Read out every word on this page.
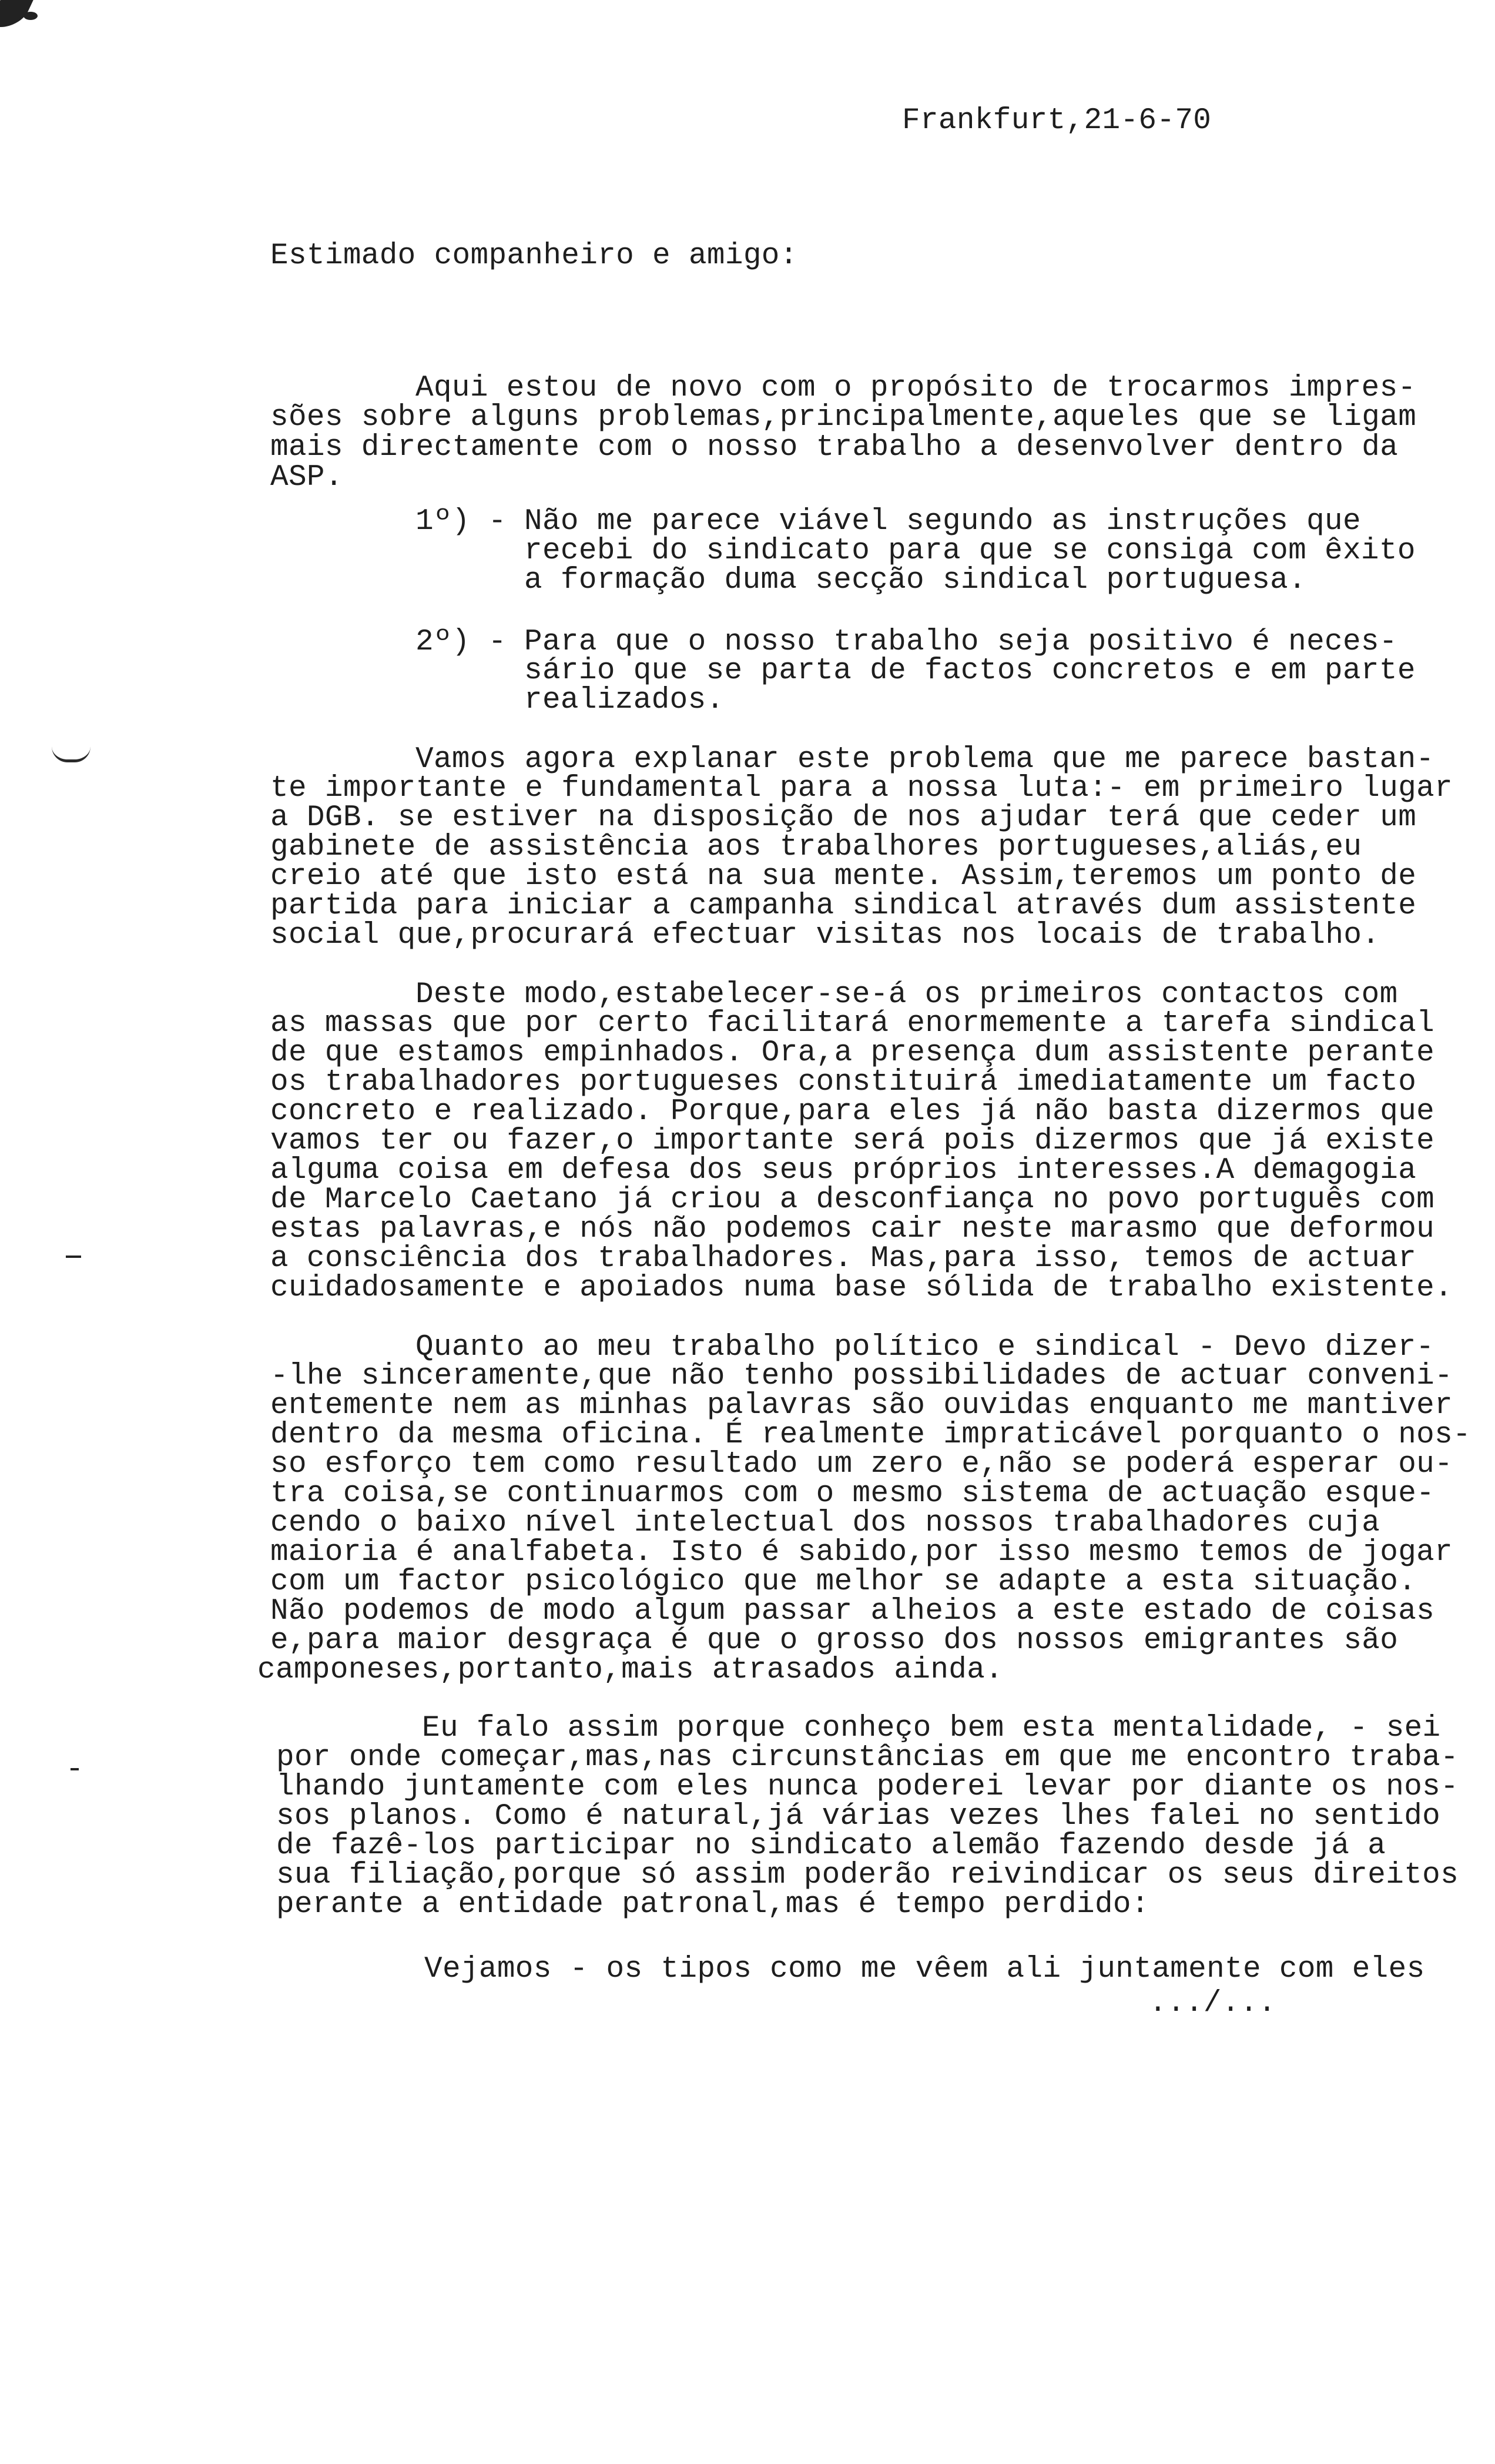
Frankfurt,21-6-70
Estimado companheiro e amigo:
Aqui estou de novo com o propósito de trocarmos impres-
sões sobre alguns problemas,principalmente,aqueles que se ligam
mais directamente com o nosso trabalho a desenvolver dentro da
ASP.
1º) - Não me parece viável segundo as instruções que
recebi do sindicato para que se consiga com êxito
a formação duma secção sindical portuguesa.
2º) - Para que o nosso trabalho seja positivo é neces-
sário que se parta de factos concretos e em parte
realizados.
Vamos agora explanar este problema que me parece bastan-
te importante e fundamental para a nossa luta:- em primeiro lugar
a DGB. se estiver na disposição de nos ajudar terá que ceder um
gabinete de assistência aos trabalhores portugueses,aliás,eu
creio até que isto está na sua mente. Assim,teremos um ponto de
partida para iniciar a campanha sindical através dum assistente
social que,procurará efectuar visitas nos locais de trabalho.
Deste modo,estabelecer-se-á os primeiros contactos com
as massas que por certo facilitará enormemente a tarefa sindical
de que estamos empinhados. Ora,a presença dum assistente perante
os trabalhadores portugueses constituirá imediatamente um facto
concreto e realizado. Porque,para eles já não basta dizermos que
vamos ter ou fazer,o importante será pois dizermos que já existe
alguma coisa em defesa dos seus próprios interesses.A demagogia
de Marcelo Caetano já criou a desconfiança no povo português com
estas palavras,e nós não podemos cair neste marasmo que deformou
a consciência dos trabalhadores. Mas,para isso, temos de actuar
cuidadosamente e apoiados numa base sólida de trabalho existente.
Quanto ao meu trabalho político e sindical - Devo dizer-
-lhe sinceramente,que não tenho possibilidades de actuar conveni-
entemente nem as minhas palavras são ouvidas enquanto me mantiver
dentro da mesma oficina. É realmente impraticável porquanto o nos-
so esforço tem como resultado um zero e,não se poderá esperar ou-
tra coisa,se continuarmos com o mesmo sistema de actuação esque-
cendo o baixo nível intelectual dos nossos trabalhadores cuja
maioria é analfabeta. Isto é sabido,por isso mesmo temos de jogar
com um factor psicológico que melhor se adapte a esta situação.
Não podemos de modo algum passar alheios a este estado de coisas
e,para maior desgraça é que o grosso dos nossos emigrantes são
camponeses,portanto,mais atrasados ainda.
Eu falo assim porque conheço bem esta mentalidade, - sei
por onde começar,mas,nas circunstâncias em que me encontro traba-
lhando juntamente com eles nunca poderei levar por diante os nos-
sos planos. Como é natural,já várias vezes lhes falei no sentido
de fazê-los participar no sindicato alemão fazendo desde já a
sua filiação,porque só assim poderão reivindicar os seus direitos
perante a entidade patronal,mas é tempo perdido:
Vejamos - os tipos como me vêem ali juntamente com eles
.../...
